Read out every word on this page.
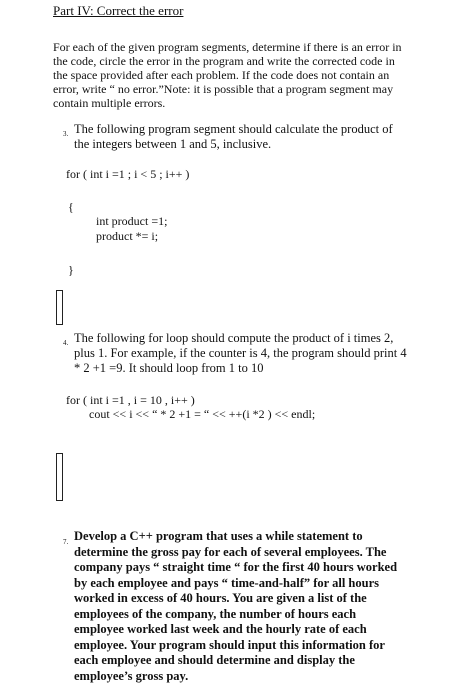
Part IV: Correct the error
For each of the given program segments, determine if there is an error in the code, circle the error in the program and write the corrected code in the space provided after each problem. If the code does not contain an error, write “ no error.”Note: it is possible that a program segment may contain multiple errors.
3. The following program segment should calculate the product of the integers between 1 and 5, inclusive.
for ( int i =1 ; i < 5 ; i++ )
{
int product =1;
product *= i;
}
4. The following for loop should compute the product of i times 2, plus 1. For example, if the counter is 4, the program should print 4 * 2 +1 =9. It should loop from 1 to 10
for ( int i =1 , i = 10 , i++ )
cout << i << “ * 2 +1 = “ << ++(i *2 ) << endl;
7. Develop a C++ program that uses a while statement to determine the gross pay for each of several employees. The company pays “ straight time “ for the first 40 hours worked by each employee and pays “ time-and-half” for all hours worked in excess of 40 hours. You are given a list of the employees of the company, the number of hours each employee worked last week and the hourly rate of each employee. Your program should input this information for each employee and should determine and display the employee’s gross pay.
